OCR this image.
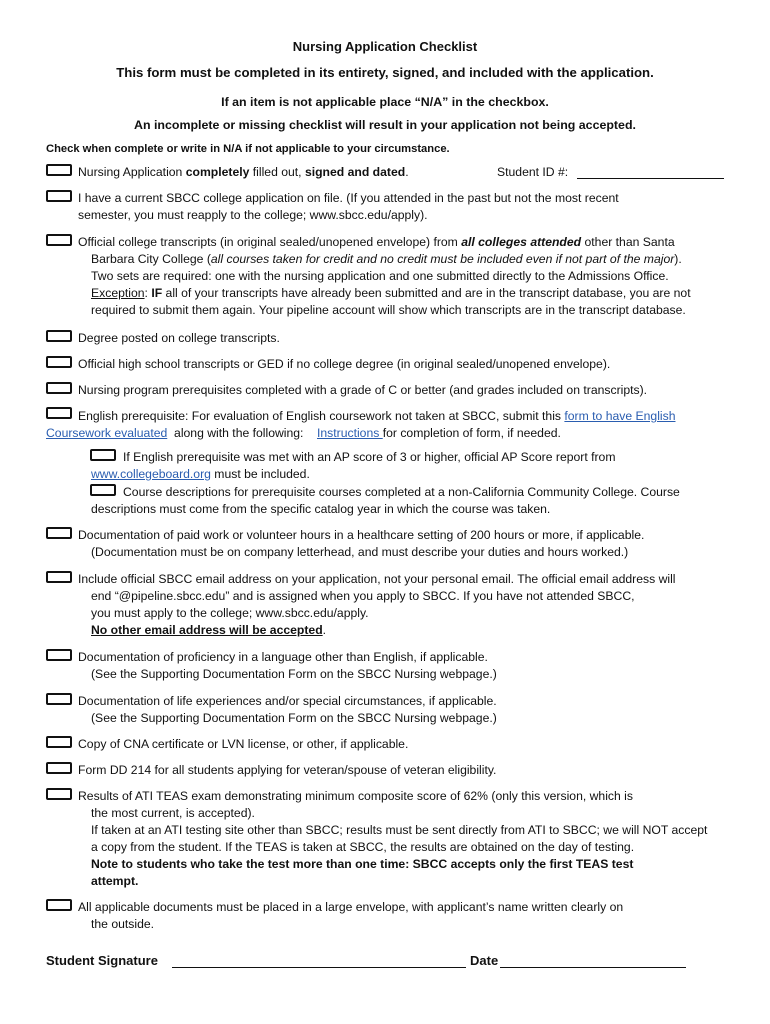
Nursing Application Checklist
This form must be completed in its entirety, signed, and included with the application.
If an item is not applicable place “N/A” in the checkbox.
An incomplete or missing checklist will result in your application not being accepted.
Check when complete or write in N/A if not applicable to your circumstance.
Nursing Application completely filled out, signed and dated.	Student ID #:
I have a current SBCC college application on file. (If you attended in the past but not the most recent
semester, you must reapply to the college; www.sbcc.edu/apply).
Official college transcripts (in original sealed/unopened envelope) from all colleges attended other than Santa
Barbara City College (all courses taken for credit and no credit must be included even if not part of the major).
Two sets are required: one with the nursing application and one submitted directly to the Admissions Office.
Exception: IF all of your transcripts have already been submitted and are in the transcript database, you are not
required to submit them again. Your pipeline account will show which transcripts are in the transcript database.
Degree posted on college transcripts.
Official high school transcripts or GED if no college degree (in original sealed/unopened envelope).
Nursing program prerequisites completed with a grade of C or better (and grades included on transcripts).
English prerequisite: For evaluation of English coursework not taken at SBCC, submit this form to have English
Coursework evaluated  along with the following:    Instructions for completion of form, if needed.
If English prerequisite was met with an AP score of 3 or higher, official AP Score report from
www.collegeboard.org must be included.
Course descriptions for prerequisite courses completed at a non-California Community College. Course
descriptions must come from the specific catalog year in which the course was taken.
Documentation of paid work or volunteer hours in a healthcare setting of 200 hours or more, if applicable.
(Documentation must be on company letterhead, and must describe your duties and hours worked.)
Include official SBCC email address on your application, not your personal email. The official email address will
end “@pipeline.sbcc.edu” and is assigned when you apply to SBCC. If you have not attended SBCC,
you must apply to the college; www.sbcc.edu/apply.
No other email address will be accepted.
Documentation of proficiency in a language other than English, if applicable.
(See the Supporting Documentation Form on the SBCC Nursing webpage.)
Documentation of life experiences and/or special circumstances, if applicable.
(See the Supporting Documentation Form on the SBCC Nursing webpage.)
Copy of CNA certificate or LVN license, or other, if applicable.
Form DD 214 for all students applying for veteran/spouse of veteran eligibility.
Results of ATI TEAS exam demonstrating minimum composite score of 62% (only this version, which is
the most current, is accepted).
If taken at an ATI testing site other than SBCC; results must be sent directly from ATI to SBCC; we will NOT accept
a copy from the student. If the TEAS is taken at SBCC, the results are obtained on the day of testing.
Note to students who take the test more than one time: SBCC accepts only the first TEAS test
attempt.
All applicable documents must be placed in a large envelope, with applicant’s name written clearly on
the outside.
Student Signature	Date
